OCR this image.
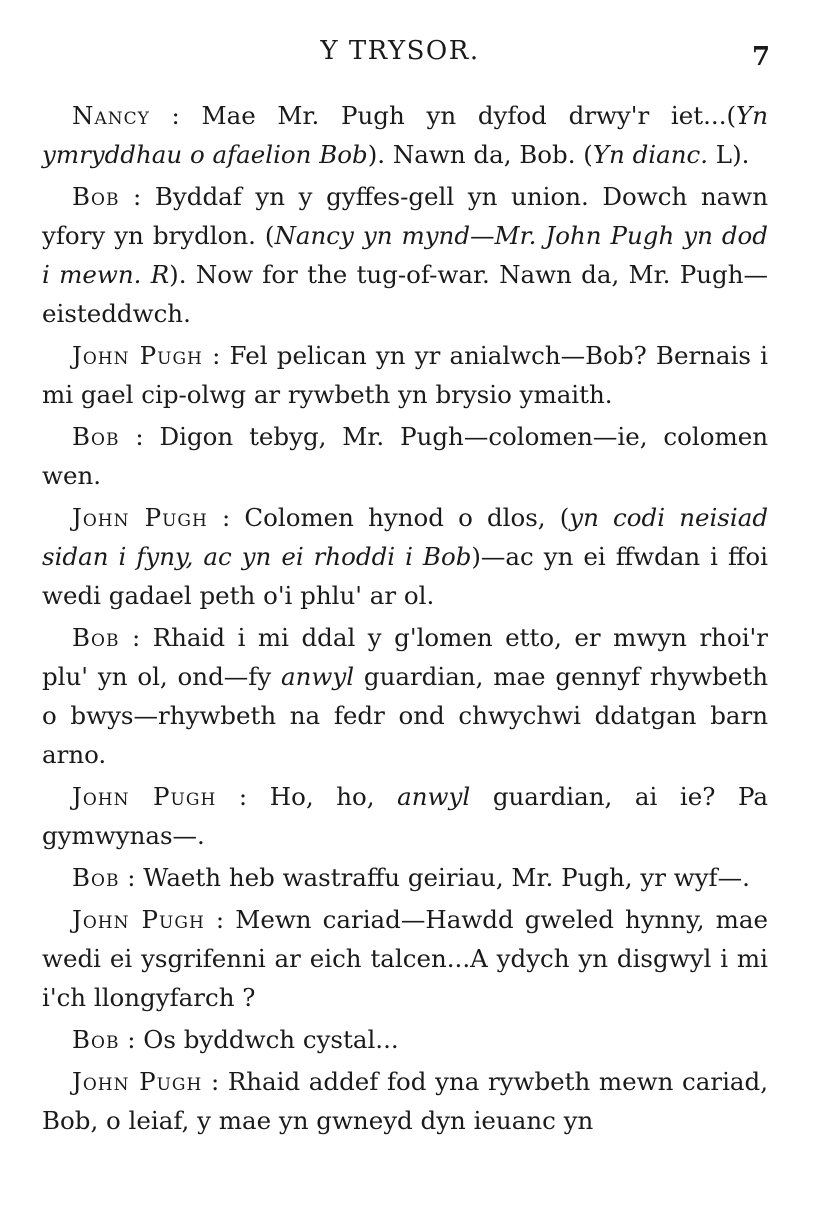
Y TRYSOR.	7

Nancy : Mae Mr. Pugh yn dyfod drwy'r iet...(Yn ymryddhau o afaelion Bob). Nawn da, Bob. (Yn dianc. L).

Bob : Byddaf yn y gyffes-gell yn union. Dowch nawn yfory yn brydlon. (Nancy yn mynd—Mr. John Pugh yn dod i mewn. R). Now for the tug-of-war. Nawn da, Mr. Pugh—eisteddwch.

John Pugh : Fel pelican yn yr anialwch—Bob? Bernais i mi gael cip-olwg ar rywbeth yn brysio ymaith.

Bob : Digon tebyg, Mr. Pugh—colomen—ie, colomen wen.

John Pugh : Colomen hynod o dlos, (yn codi neisiad sidan i fyny, ac yn ei rhoddi i Bob)—ac yn ei ffwdan i ffoi wedi gadael peth o'i phlu' ar ol.

Bob : Rhaid i mi ddal y g'lomen etto, er mwyn rhoi'r plu' yn ol, ond—fy anwyl guardian, mae gennyf rhywbeth o bwys—rhywbeth na fedr ond chwychwi ddatgan barn arno.

John Pugh : Ho, ho, anwyl guardian, ai ie? Pa gymwynas—.

Bob : Waeth heb wastraffu geiriau, Mr. Pugh, yr wyf—.

John Pugh : Mewn cariad—Hawdd gweled hynny, mae wedi ei ysgrifenni ar eich talcen...A ydych yn disgwyl i mi i'ch llongyfarch ?

Bob : Os byddwch cystal...

John Pugh : Rhaid addef fod yna rywbeth mewn cariad, Bob, o leiaf, y mae yn gwneyd dyn ieuanc yn
